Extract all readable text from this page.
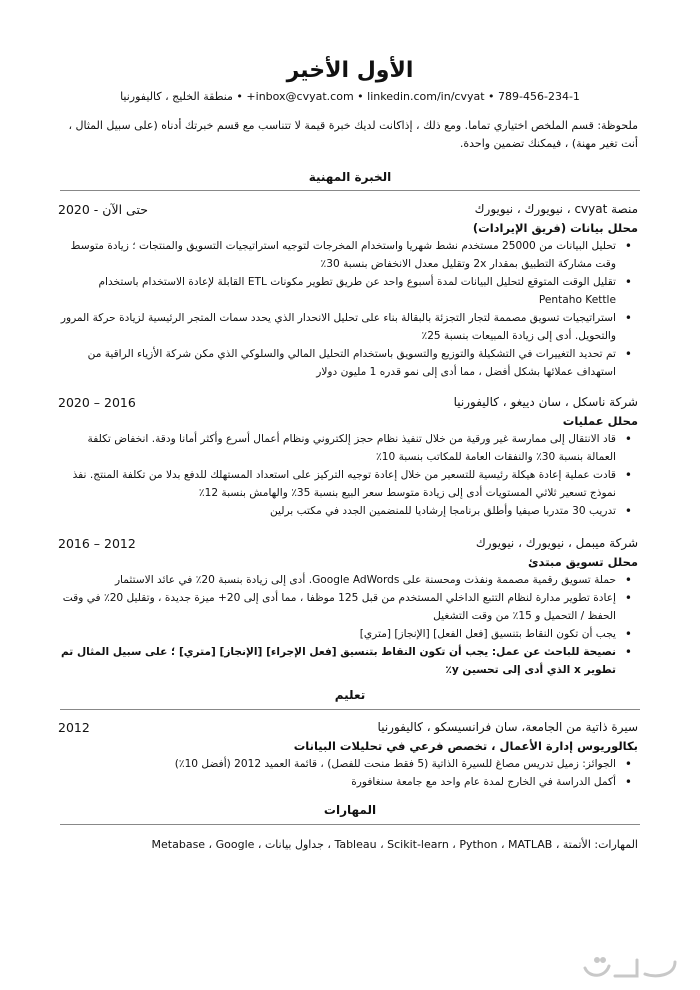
الأول الأخير
inbox@cvyat.com • linkedin.com/in/cvyat • 789-456-234-1+ • منطقة الخليج ، كاليفورنيا

ملحوظة: قسم الملخص اختياري تماما. ومع ذلك ، إذاكانت لديك خبرة قيمة لا تتناسب مع قسم خبرتك أدناه (على سبيل المثال ، أنت تغير مهنة) ، فيمكنك تضمين واحدة.

الخبرة المهنية
منصة cvyat ، نيويورك ، نيويورك
2020 - حتى الآن
محلل بيانات (فريق الإيرادات)
•
تحليل البيانات من 25000 مستخدم نشط شهريا واستخدام المخرجات لتوجيه استراتيجيات التسويق والمنتجات ؛ زيادة متوسط وقت مشاركة التطبيق بمقدار 2x وتقليل معدل الانخفاض بنسبة 30٪
•
تقليل الوقت المتوقع لتحليل البيانات لمدة أسبوع واحد عن طريق تطوير مكونات ETL القابلة لإعادة الاستخدام باستخدام Pentaho Kettle
•
استراتيجيات تسويق مصممة لتجار التجزئة بالبقالة بناء على تحليل الانحدار الذي يحدد سمات المتجر الرئيسية لزيادة حركة المرور والتحويل. أدى إلى زيادة المبيعات بنسبة 25٪
•
تم تحديد التغييرات في التشكيلة والتوزيع والتسويق باستخدام التحليل المالي والسلوكي الذي مكن شركة الأزياء الراقية من استهداف عملائها بشكل أفضل ، مما أدى إلى نمو قدره 1 مليون دولار
شركة ناسكل ، سان دييغو ، كاليفورنيا
2020 – 2016
محلل عمليات
•
قاد الانتقال إلى ممارسة غير ورقية من خلال تنفيذ نظام حجز إلكتروني ونظام أعمال أسرع وأكثر أمانا ودقة. انخفاض تكلفة العمالة بنسبة 30٪ والنفقات العامة للمكاتب بنسبة 10٪
•
قادت عملية إعادة هيكلة رئيسية للتسعير من خلال إعادة توجيه التركيز على استعداد المستهلك للدفع بدلا من تكلفة المنتج. نفذ نموذج تسعير ثلاثي المستويات أدى إلى زيادة متوسط سعر البيع بنسبة 35٪ والهامش بنسبة 12٪
•
تدريب 30 متدربا صيفيا وأطلق برنامجا إرشاديا للمنضمين الجدد في مكتب برلين
شركة ميبمل ، نيويورك ، نيويورك
2016 – 2012
محلل تسويق مبتدئ
•
حملة تسويق رقمية مصممة ونفذت ومحسنة على Google AdWords. أدى إلى زيادة بنسبة 20٪ في عائد الاستثمار
•
إعادة تطوير مدارة لنظام التتبع الداخلي المستخدم من قبل 125 موظفا ، مما أدى إلى 20+ ميزة جديدة ، وتقليل 20٪ في وقت الحفظ / التحميل و 15٪ من وقت التشغيل
•
يجب أن تكون النقاط بتنسيق [فعل الفعل] [الإنجاز] [متري]
•
نصيحة للباحث عن عمل: يجب أن تكون النقاط بتنسيق [فعل الإجراء] [الإنجاز] [متري] ؛ على سبيل المثال تم تطوير x الذي أدى إلى تحسين y٪
تعليم
سيرة ذاتية من الجامعة، سان فرانسيسكو ، كاليفورنيا
2012
بكالوريوس إدارة الأعمال ، تخصص فرعي في تحليلات البيانات
•
الجوائز: زميل تدريس مصاغ للسيرة الذاتية (5 فقط منحت للفصل) ، قائمة العميد 2012 (أفضل 10٪)
•
أكمل الدراسة في الخارج لمدة عام واحد مع جامعة سنغافورة
المهارات
المهارات: الأتمتة ، Tableau ، Scikit-learn ، Python ، MATLAB ، جداول بيانات ، Metabase ، Google
